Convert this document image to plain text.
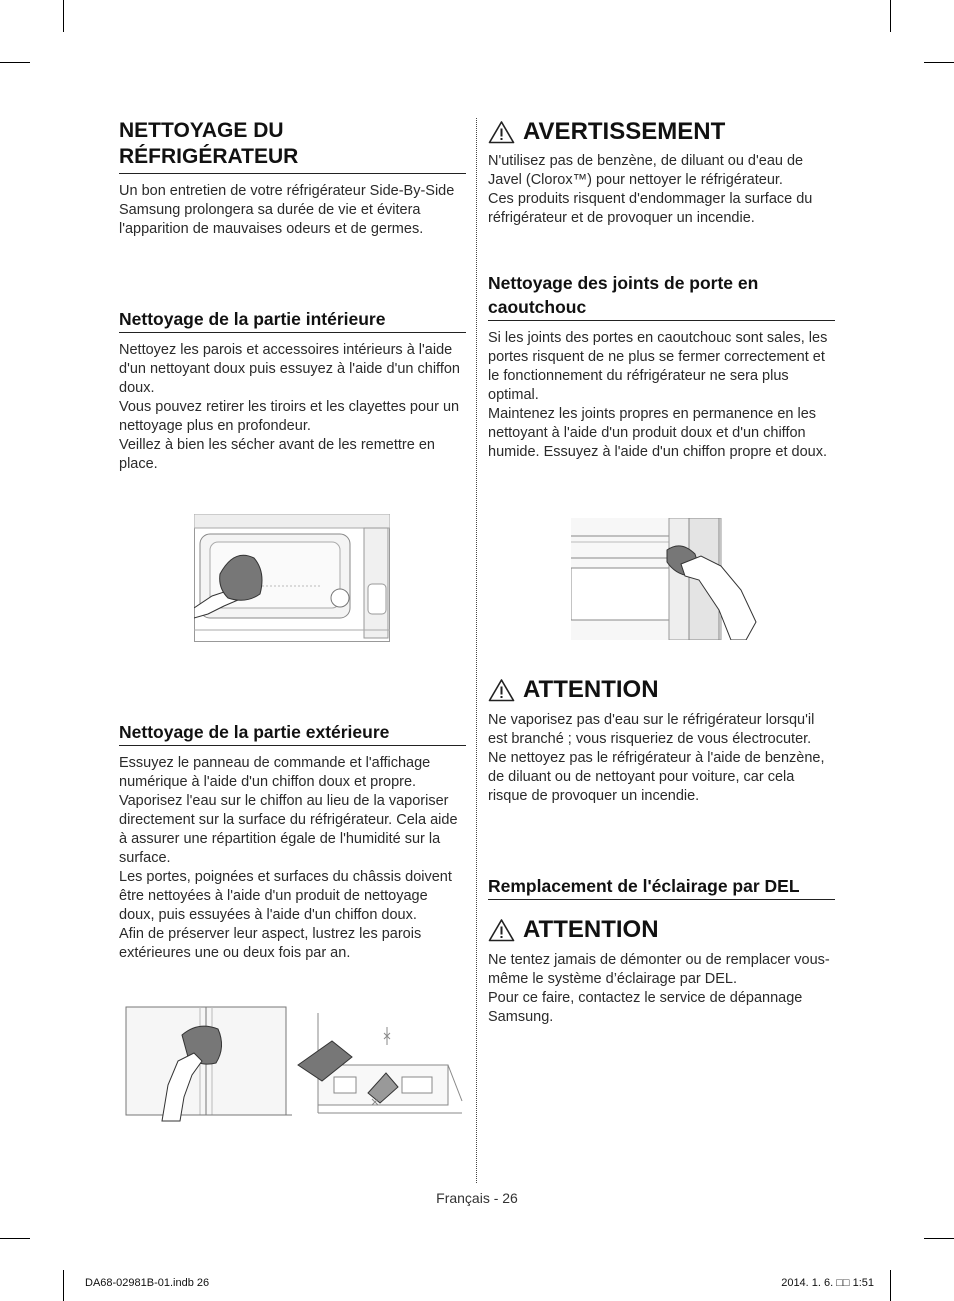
NETTOYAGE DU RÉFRIGÉRATEUR

Un bon entretien de votre réfrigérateur Side-By-Side Samsung prolongera sa durée de vie et évitera l'apparition de mauvaises odeurs et de germes.

Nettoyage de la partie intérieure

Nettoyez les parois et accessoires intérieurs à l'aide d'un nettoyant doux puis essuyez à l'aide d'un chiffon doux.

Vous pouvez retirer les tiroirs et les clayettes pour un nettoyage plus en profondeur.

Veillez à bien les sécher avant de les remettre en place.

Nettoyage de la partie extérieure

Essuyez le panneau de commande et l'affichage numérique à l'aide d'un chiffon doux et propre. Vaporisez l'eau sur le chiffon au lieu de la vaporiser directement sur la surface du réfrigérateur. Cela aide à assurer une répartition égale de l'humidité sur la surface.

Les portes, poignées et surfaces du châssis doivent être nettoyées à l'aide d'un produit de nettoyage doux, puis essuyées à l'aide d'un chiffon doux.

Afin de préserver leur aspect, lustrez les parois extérieures une ou deux fois par an.

AVERTISSEMENT

N'utilisez pas de benzène, de diluant ou d'eau de Javel (Clorox™) pour nettoyer le réfrigérateur.

Ces produits risquent d'endommager la surface du réfrigérateur et de provoquer un incendie.

Nettoyage des joints de porte en caoutchouc

Si les joints des portes en caoutchouc sont sales, les portes risquent de ne plus se fermer correctement et le fonctionnement du réfrigérateur ne sera plus optimal.

Maintenez les joints propres en permanence en les nettoyant à l'aide d'un produit doux et d'un chiffon humide. Essuyez à l'aide d'un chiffon propre et doux.

ATTENTION

Ne vaporisez pas d'eau sur le réfrigérateur lorsqu'il est branché ; vous risqueriez de vous électrocuter.

Ne nettoyez pas le réfrigérateur à l'aide de benzène, de diluant ou de nettoyant pour voiture, car cela risque de provoquer un incendie.

Remplacement de l'éclairage par DEL
ATTENTION

Ne tentez jamais de démonter ou de remplacer vous-même le système d’éclairage par DEL.

Pour ce faire, contactez le service de dépannage Samsung.

Français - 26
DA68-02981B-01.indb 26	2014. 1. 6. □□ 1:51
